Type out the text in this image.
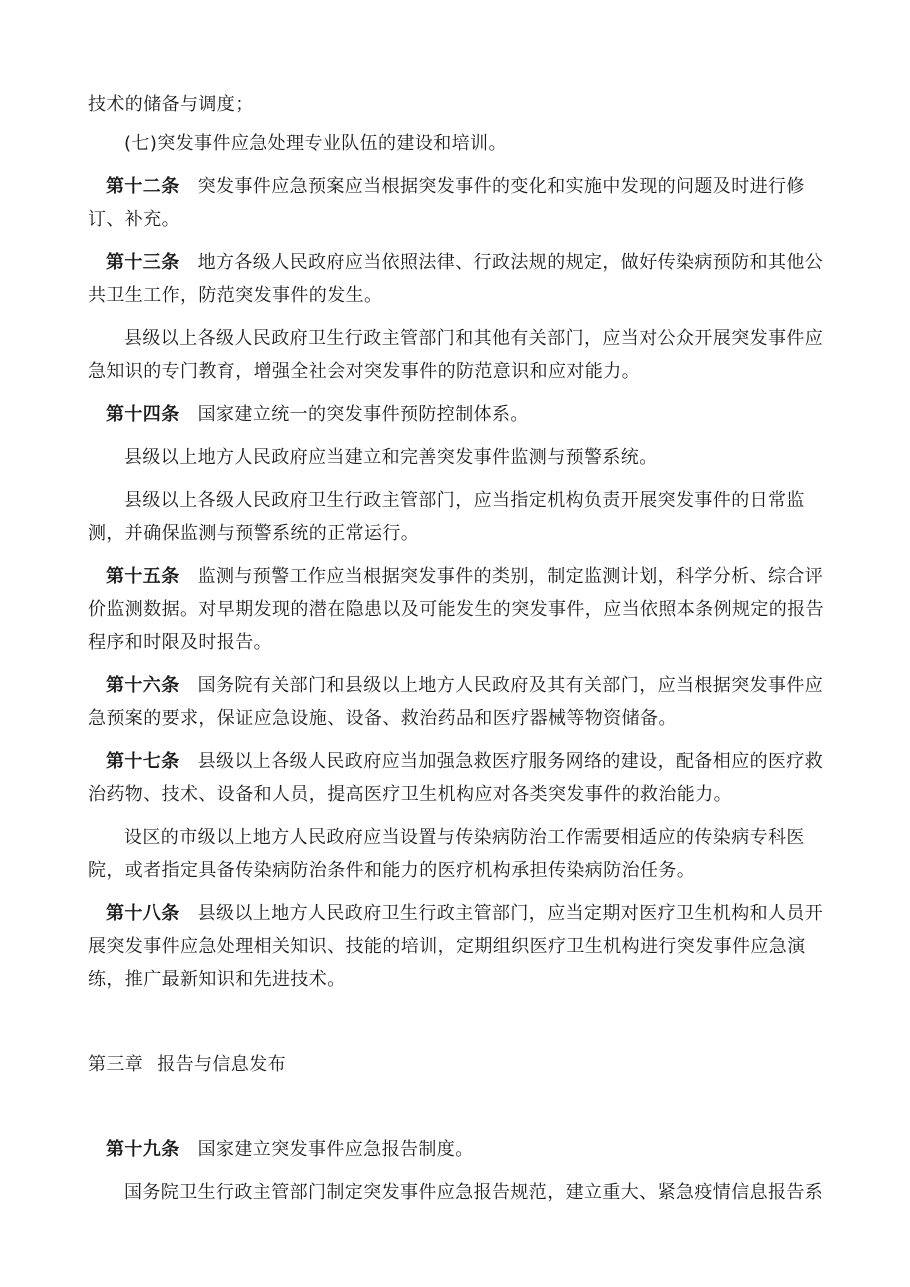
技术的储备与调度；

(七)突发事件应急处理专业队伍的建设和培训。

第十二条 突发事件应急预案应当根据突发事件的变化和实施中发现的问题及时进行修订、补充。

第十三条 地方各级人民政府应当依照法律、行政法规的规定，做好传染病预防和其他公共卫生工作，防范突发事件的发生。

县级以上各级人民政府卫生行政主管部门和其他有关部门，应当对公众开展突发事件应急知识的专门教育，增强全社会对突发事件的防范意识和应对能力。

第十四条 国家建立统一的突发事件预防控制体系。

县级以上地方人民政府应当建立和完善突发事件监测与预警系统。

县级以上各级人民政府卫生行政主管部门，应当指定机构负责开展突发事件的日常监测，并确保监测与预警系统的正常运行。

第十五条 监测与预警工作应当根据突发事件的类别，制定监测计划，科学分析、综合评价监测数据。对早期发现的潜在隐患以及可能发生的突发事件，应当依照本条例规定的报告程序和时限及时报告。

第十六条 国务院有关部门和县级以上地方人民政府及其有关部门，应当根据突发事件应急预案的要求，保证应急设施、设备、救治药品和医疗器械等物资储备。

第十七条 县级以上各级人民政府应当加强急救医疗服务网络的建设，配备相应的医疗救治药物、技术、设备和人员，提高医疗卫生机构应对各类突发事件的救治能力。

设区的市级以上地方人民政府应当设置与传染病防治工作需要相适应的传染病专科医院，或者指定具备传染病防治条件和能力的医疗机构承担传染病防治任务。

第十八条 县级以上地方人民政府卫生行政主管部门，应当定期对医疗卫生机构和人员开展突发事件应急处理相关知识、技能的培训，定期组织医疗卫生机构进行突发事件应急演练，推广最新知识和先进技术。

第三章 报告与信息发布

第十九条 国家建立突发事件应急报告制度。

国务院卫生行政主管部门制定突发事件应急报告规范，建立重大、紧急疫情信息报告系
